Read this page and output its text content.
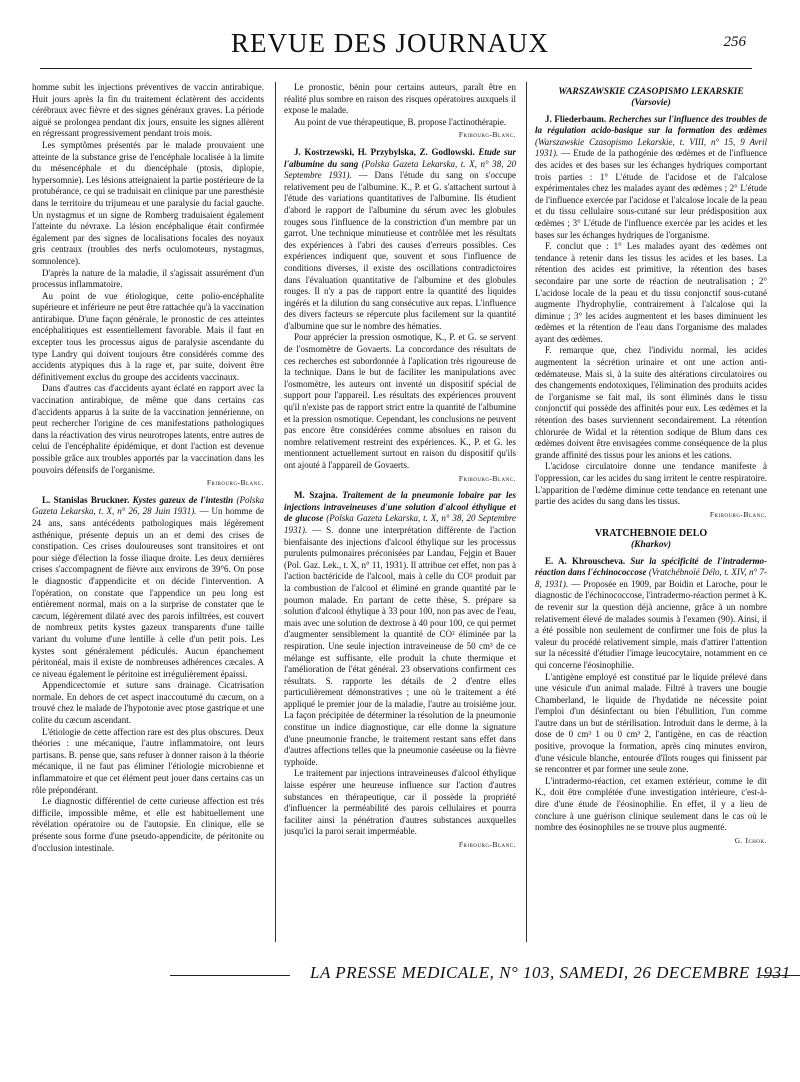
REVUE DES JOURNAUX	256

homme subit les injections préventives de vaccin antirabique. Huit jours après la fin du traitement éclatèrent des accidents cérébraux avec fièvre et des signes généraux graves. La période aiguë se prolongea pendant dix jours, ensuite les signes allèrent en régressant progressivement pendant trois mois.

Les symptômes présentés par le malade prouvaient une atteinte de la substance grise de l'encéphale localisée à la limite du mésencéphale et du diencéphale (ptosis, diplopie, hypersomnie). Les lésions atteignaient la partie postérieure de la protubérance, ce qui se traduisait en clinique par une paresthésie dans le territoire du trijumeau et une paralysie du facial gauche. Un nystagmus et un signe de Romberg traduisaient également l'atteinte du névraxe. La lésion encéphalique était confirmée également par des signes de localisations focales des noyaux gris centraux (troubles des nerfs oculomoteurs, nystagmus, somnolence).

D'après la nature de la maladie, il s'agissait assurément d'un processus inflammatoire.

Au point de vue étiologique, cette polio-encéphalite supérieure et inférieure ne peut être rattachée qu'à la vaccination antirabique. D'une façon générale, le pronostic de ces atteintes encéphalitiques est essentiellement favorable. Mais il faut en excepter tous les processus aigus de paralysie ascendante du type Landry qui doivent toujours être considérés comme des accidents atypiques dus à la rage et, par suite, doivent être définitivement exclus du groupe des accidents vaccinaux.

Dans d'autres cas d'accidents ayant éclaté en rapport avec la vaccination antirabique, de même que dans certains cas d'accidents apparus à la suite de la vaccination jennérienne, on peut rechercher l'origine de ces manifestations pathologiques dans la réactivation des virus neurotropes latents, entre autres de celui de l'encéphalite épidémique, et dont l'action est devenue possible grâce aux troubles apportés par la vaccination dans les pouvoirs défensifs de l'organisme.

Fribourg-Blanc.

L. Stanislas Bruckner. Kystes gazeux de l'intestin (Polska Gazeta Lekarska, t. X, n° 26, 28 Juin 1931). — Un homme de 24 ans, sans antécédents pathologiques mais légèrement asthénique, présente depuis un an et demi des crises de constipation. Ces crises douloureuses sont transitoires et ont pour siège d'élection la fosse iliaque droite. Les deux dernières crises s'accompagnent de fièvre aux environs de 39°6. On pose le diagnostic d'appendicite et on décide l'intervention. A l'opération, on constate que l'appendice un peu long est entièrement normal, mais on a la surprise de constater que le cæcum, légèrement dilaté avec des parois infiltrées, est couvert de nombreux petits kystes gazeux transparents d'une taille variant du volume d'une lentille à celle d'un petit pois. Les kystes sont généralement pédiculés. Aucun épanchement péritonéal, mais il existe de nombreuses adhérences cæcales. A ce niveau également le péritoine est irrégulièrement épaissi.

Appendicectomie et suture sans drainage. Cicatrisation normale. En dehors de cet aspect inaccoutumé du cæcum, on a trouvé chez le malade de l'hypotonie avec ptose gastrique et une colite du cæcum ascendant.

L'étiologie de cette affection rare est des plus obscures. Deux théories : une mécanique, l'autre inflammatoire, ont leurs partisans. B. pense que, sans refuser à donner raison à la théorie mécanique, il ne faut pas éliminer l'étiologie microbienne et inflammatoire et que cet élément peut jouer dans certains cas un rôle prépondérant.

Le diagnostic différentiel de cette curieuse affection est très difficile, impossible même, et elle est habituellement une révélation opératoire ou de l'autopsie. En clinique, elle se présente sous forme d'une pseudo-appendicite, de péritonite ou d'occlusion intestinale.

Le pronostic, bénin pour certains auteurs, paraît être en réalité plus sombre en raison des risques opératoires auxquels il expose le malade.

Au point de vue thérapeutique, B. propose l'actinothérapie.

Fribourg-Blanc.

J. Kostrzewski, H. Przybylska, Z. Godlowski. Etude sur l'albumine du sang (Polska Gazeta Lekarska, t. X, n° 38, 20 Septembre 1931). — Dans l'étude du sang on s'occupe relativement peu de l'albumine. K., P. et G. s'attachent surtout à l'étude des variations quantitatives de l'albumine. Ils étudient d'abord le rapport de l'albumine du sérum avec les globules rouges sous l'influence de la constriction d'un membre par un garrot. Une technique minutieuse et contrôlée met les résultats des expériences à l'abri des causes d'erreurs possibles. Ces expériences indiquent que, souvent et sous l'influence de conditions diverses, il existe des oscillations contradictoires dans l'évaluation quantitative de l'albumine et des globules rouges. Il n'y a pas de rapport entre la quantité des liquides ingérés et la dilution du sang consécutive aux repas. L'influence des divers facteurs se répercute plus facilement sur la quantité d'albumine que sur le nombre des hématies.

Pour apprécier la pression osmotique, K., P. et G. se servent de l'osmomètre de Govaerts. La concordance des résultats de ces recherches est subordonnée à l'aplication très rigoureuse de la technique. Dans le but de faciliter les manipulations avec l'osmomètre, les auteurs ont inventé un dispositif spécial de support pour l'appareil. Les résultats des expériences prouvent qu'il n'existe pas de rapport strict entre la quantité de l'albumine et la pression osmotique. Cependant, les conclusions ne peuvent pas encore être considérées comme absolues en raison du nombre relativement restreint des expériences. K., P. et G. les mentionnent actuellement surtout en raison du dispositif qu'ils ont ajouté à l'appareil de Govaerts.

Fribourg-Blanc.

M. Szajna. Traitement de la pneumonie lobaire par les injections intraveineuses d'une solution d'alcool éthylique et de glucose (Polska Gazeta Lekarska, t. X, n° 38, 20 Septembre 1931). — S. donne une interprétation différente de l'action bienfaisante des injections d'alcool éthylique sur les processus purulents pulmonaires préconisées par Landau, Fejgin et Bauer (Pol. Gaz. Lek., t. X, n° 11, 1931). Il attribue cet effet, non pas à l'action bactéricide de l'alcool, mais à celle du CO² produit par la combustion de l'alcool et éliminé en grande quantité par le poumon malade. En partant de cette thèse, S. prépare sa solution d'alcool éthylique à 33 pour 100, non pas avec de l'eau, mais avec une solution de dextrose à 40 pour 100, ce qui permet d'augmenter sensiblement la quantité de CO² éliminée par la respiration. Une seule injection intraveineuse de 50 cm³ de ce mélange est suffisante, elle produit la chute thermique et l'amélioration de l'état général. 23 observations confirment ces résultats. S. rapporte les détails de 2 d'entre elles particulièrement démonstratives ; une où le traitement a été appliqué le premier jour de la maladie, l'autre au troisième jour. La façon précipitée de déterminer la résolution de la pneumonie constitue un indice diagnostique, car elle donne la signature d'une pneumonie franche, le traitement restant sans effet dans d'autres affections telles que la pneumonie caséeuse ou la fièvre typhoïde.

Le traitement par injections intraveineuses d'alcool éthylique laisse espérer une heureuse influence sur l'action d'autres substances en thérapeutique, car il possède la propriété d'influencer la perméabilité des parois cellulaires et pourra faciliter ainsi la pénétration d'autres substances auxquelles jusqu'ici la paroi serait imperméable.

Fribourg-Blanc.
WARSZAWSKIE CZASOPISMO LEKARSKIE
(Varsovie)

J. Fliederbaum. Recherches sur l'influence des troubles de la régulation acido-basique sur la formation des œdèmes (Warszawskie Czasopismo Lekarskie, t. VIII, n° 15, 9 Avril 1931). — Etude de la pathogénie des œdèmes et de l'influence des acides et des bases sur les échanges hydriques comportant trois parties : 1° L'étude de l'acidose et de l'alcalose expérimentales chez les malades ayant des œdèmes ; 2° L'étude de l'influence exercée par l'acidose et l'alcalose locale de la peau et du tissu cellulaire sous-cutané sur leur prédisposition aux œdèmes ; 3° L'étude de l'influence exercée par les acides et les bases sur les échanges hydriques de l'organisme.

F. conclut que : 1° Les malades ayant des œdèmes ont tendance à retenir dans les tissus les acides et les bases. La rétention des acides est primitive, la rétention des bases secondaire par une sorte de réaction de neutralisation ; 2° L'acidose locale de la peau et du tissu conjonctif sous-cutané augmente l'hydrophylie, contrairement à l'alcalose qui la diminue ; 3° les acides augmentent et les bases diminuent les œdèmes et la rétention de l'eau dans l'organisme des malades ayant des œdèmes.

F. remarque que, chez l'individu normal, les acides augmentent la sécrétion urinaire et ont une action anti-œdémateuse. Mais si, à la suite des altérations circulatoires ou des changements endotoxiques, l'élimination des produits acides de l'organisme se fait mal, ils sont éliminés dans le tissu conjonctif qui possède des affinités pour eux. Les œdèmes et la rétention des bases surviennent secondairement. La rétention chlorurée de Widal et la rétention sodique de Blum dans ces œdèmes doivent être envisagées comme conséquence de la plus grande affinité des tissus pour les anions et les cations.

L'acidose circulatoire donne une tendance manifeste à l'oppression, car les acides du sang irritent le centre respiratoire. L'apparition de l'œdème diminue cette tendance en retenant une partie des acides du sang dans les tissus.

Fribourg-Blanc.
VRATCHEBNOIE DELO
(Kharkov)

E. A. Khrouscheva. Sur la spécificité de l'intradermo-réaction dans l'échinococcose (Vratchébnoïé Délo, t. XIV, n° 7-8, 1931). — Proposée en 1909, par Boidin et Laroche, pour le diagnostic de l'échinococcose, l'intradermo-réaction permet à K. de revenir sur la question déjà ancienne, grâce à un nombre relativement élevé de malades soumis à l'examen (90). Ainsi, il a été possible non seulement de confirmer une fois de plus la valeur du procédé relativement simple, mais d'attirer l'attention sur la nécessité d'étudier l'image leucocytaire, notamment en ce qui concerne l'éosinophilie.

L'antigène employé est constitué par le liquide prélevé dans une vésicule d'un animal malade. Filtré à travers une bougie Chamberland, le liquide de l'hydatide ne nécessite point l'emploi d'un désinfectant ou bien l'ébullition, l'un comme l'autre dans un but de stérilisation. Introduit dans le derme, à la dose de 0 cm³ 1 ou 0 cm³ 2, l'antigène, en cas de réaction positive, provoque la formation, après cinq minutes environ, d'une vésicule blanche, entourée d'îlots rouges qui finissent par se rencontrer et par former une seule zone.

L'intradermo-réaction, cet examen extérieur, comme le dit K., doit être complétée d'une investigation intérieure, c'est-à-dire d'une étude de l'éosinophilie. En effet, il y a lieu de conclure à une guérison clinique seulement dans le cas où le nombre des éosinophiles ne se trouve plus augmenté.

G. Ichok.
LA PRESSE MEDICALE, N° 103, SAMEDI, 26 DECEMBRE 1931
